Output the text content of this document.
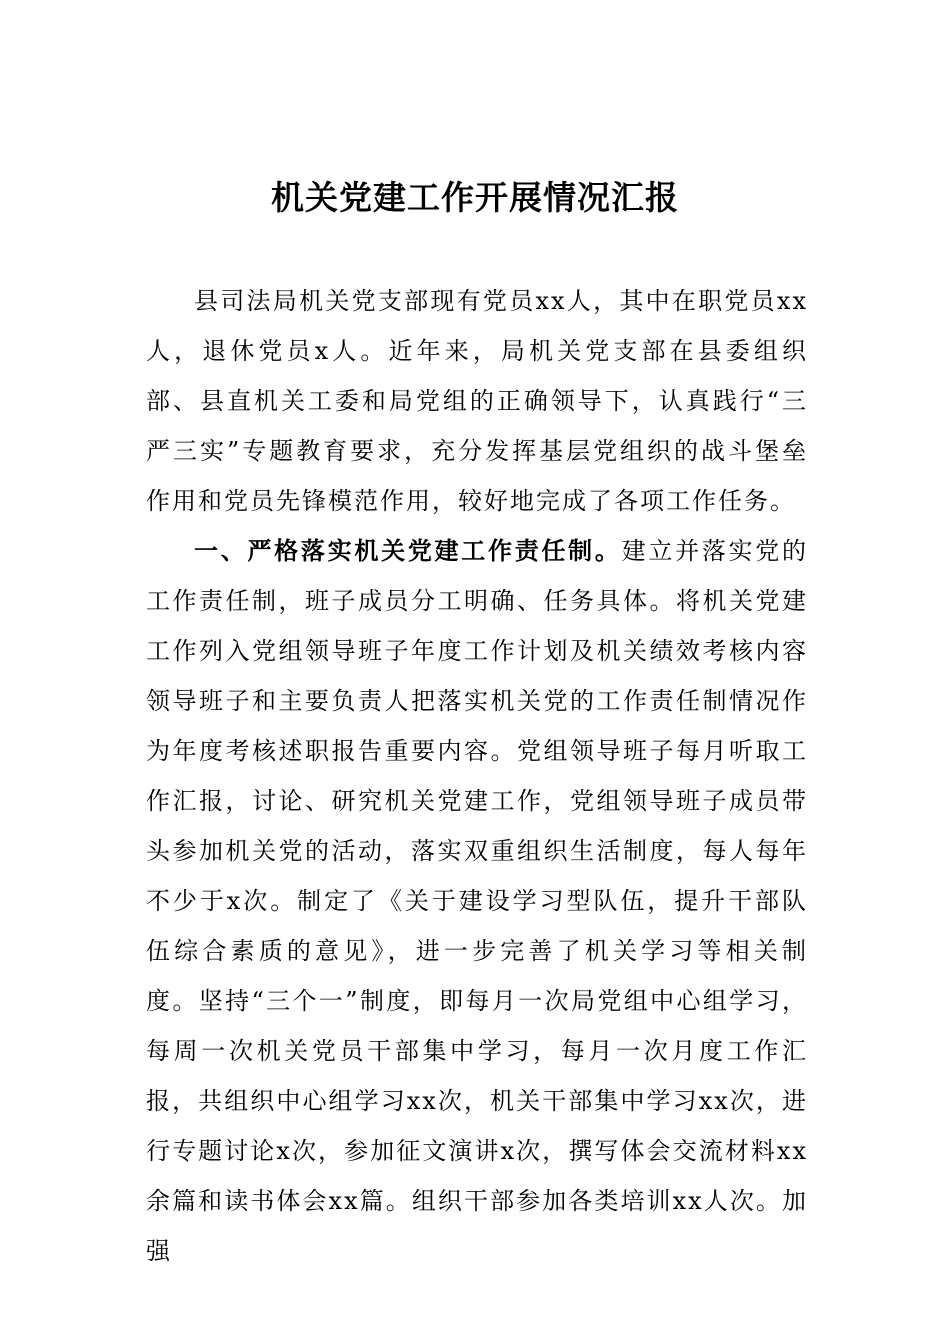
机关党建工作开展情况汇报

县司法局机关党支部现有党员xx人，其中在职党员xx人，退休党员x人。近年来，局机关党支部在县委组织部、县直机关工委和局党组的正确领导下，认真践行“三严三实”专题教育要求，充分发挥基层党组织的战斗堡垒作用和党员先锋模范作用，较好地完成了各项工作任务。

一、严格落实机关党建工作责任制。建立并落实党的工作责任制，班子成员分工明确、任务具体。将机关党建工作列入党组领导班子年度工作计划及机关绩效考核内容领导班子和主要负责人把落实机关党的工作责任制情况作为年度考核述职报告重要内容。党组领导班子每月听取工作汇报，讨论、研究机关党建工作，党组领导班子成员带头参加机关党的活动，落实双重组织生活制度，每人每年不少于x次。制定了《关于建设学习型队伍，提升干部队伍综合素质的意见》，进一步完善了机关学习等相关制度。坚持“三个一”制度，即每月一次局党组中心组学习，每周一次机关党员干部集中学习，每月一次月度工作汇报，共组织中心组学习xx次，机关干部集中学习xx次，进行专题讨论x次，参加征文演讲x次，撰写体会交流材料xx余篇和读书体会xx篇。组织干部参加各类培训xx人次。加强
